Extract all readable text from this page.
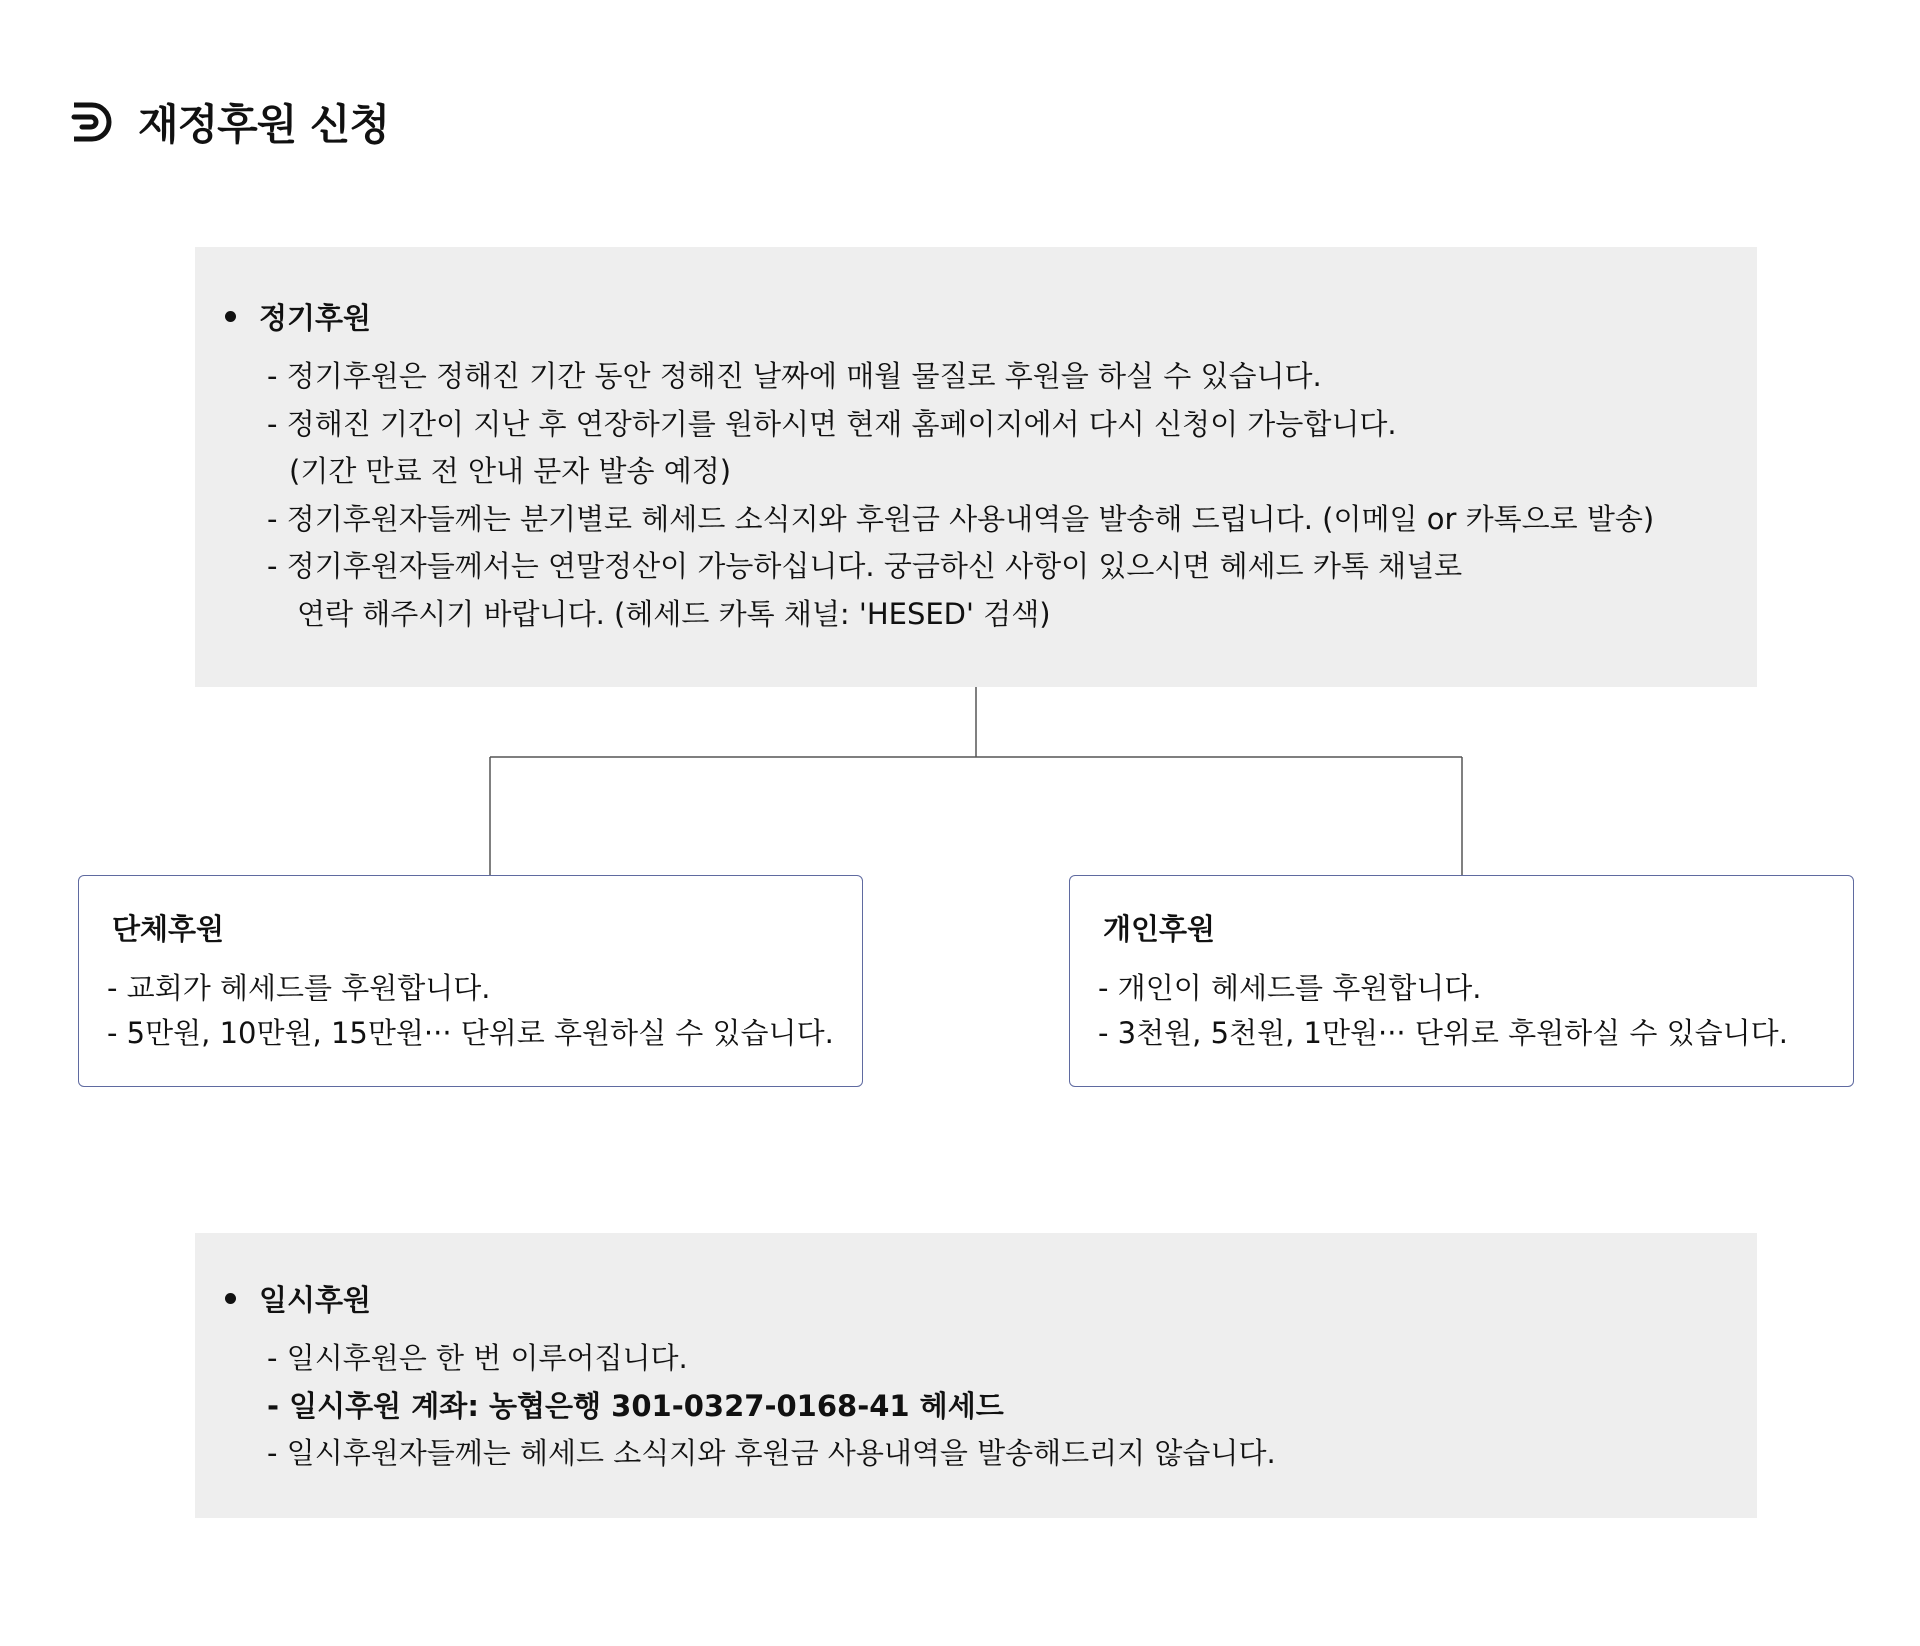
재정후원 신청
정기후원
- 정기후원은 정해진 기간 동안 정해진 날짜에 매월 물질로 후원을 하실 수 있습니다.
- 정해진 기간이 지난 후 연장하기를 원하시면 현재 홈페이지에서 다시 신청이 가능합니다.
(기간 만료 전 안내 문자 발송 예정)
- 정기후원자들께는 분기별로 헤세드 소식지와 후원금 사용내역을 발송해 드립니다. (이메일 or 카톡으로 발송)
- 정기후원자들께서는 연말정산이 가능하십니다. 궁금하신 사항이 있으시면 헤세드 카톡 채널로
연락 해주시기 바랍니다. (헤세드 카톡 채널: 'HESED' 검색)
단체후원
- 교회가 헤세드를 후원합니다.
- 5만원, 10만원, 15만원··· 단위로 후원하실 수 있습니다.
개인후원
- 개인이 헤세드를 후원합니다.
- 3천원, 5천원, 1만원··· 단위로 후원하실 수 있습니다.
일시후원
- 일시후원은 한 번 이루어집니다.
- 일시후원 계좌: 농협은행 301-0327-0168-41 헤세드
- 일시후원자들께는 헤세드 소식지와 후원금 사용내역을 발송해드리지 않습니다.
